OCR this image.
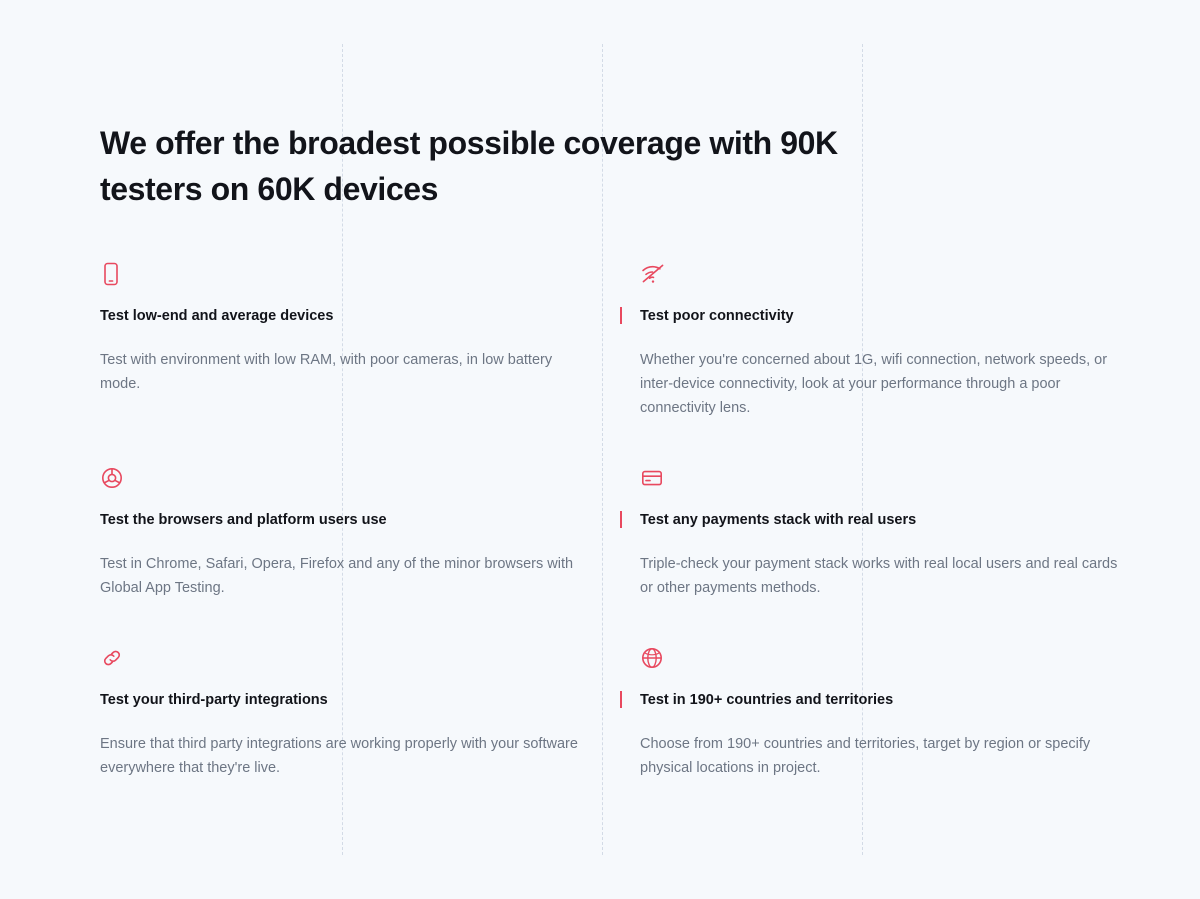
We offer the broadest possible coverage with 90K testers on 60K devices

Test low-end and average devices

Test with environment with low RAM, with poor cameras, in low battery mode.

Test poor connectivity

Whether you're concerned about 1G, wifi connection, network speeds, or inter-device connectivity, look at your performance through a poor connectivity lens.

Test the browsers and platform users use

Test in Chrome, Safari, Opera, Firefox and any of the minor browsers with Global App Testing.

Test any payments stack with real users

Triple-check your payment stack works with real local users and real cards or other payments methods.

Test your third-party integrations

Ensure that third party integrations are working properly with your software everywhere that they're live.

Test in 190+ countries and territories

Choose from 190+ countries and territories, target by region or specify physical locations in project.
